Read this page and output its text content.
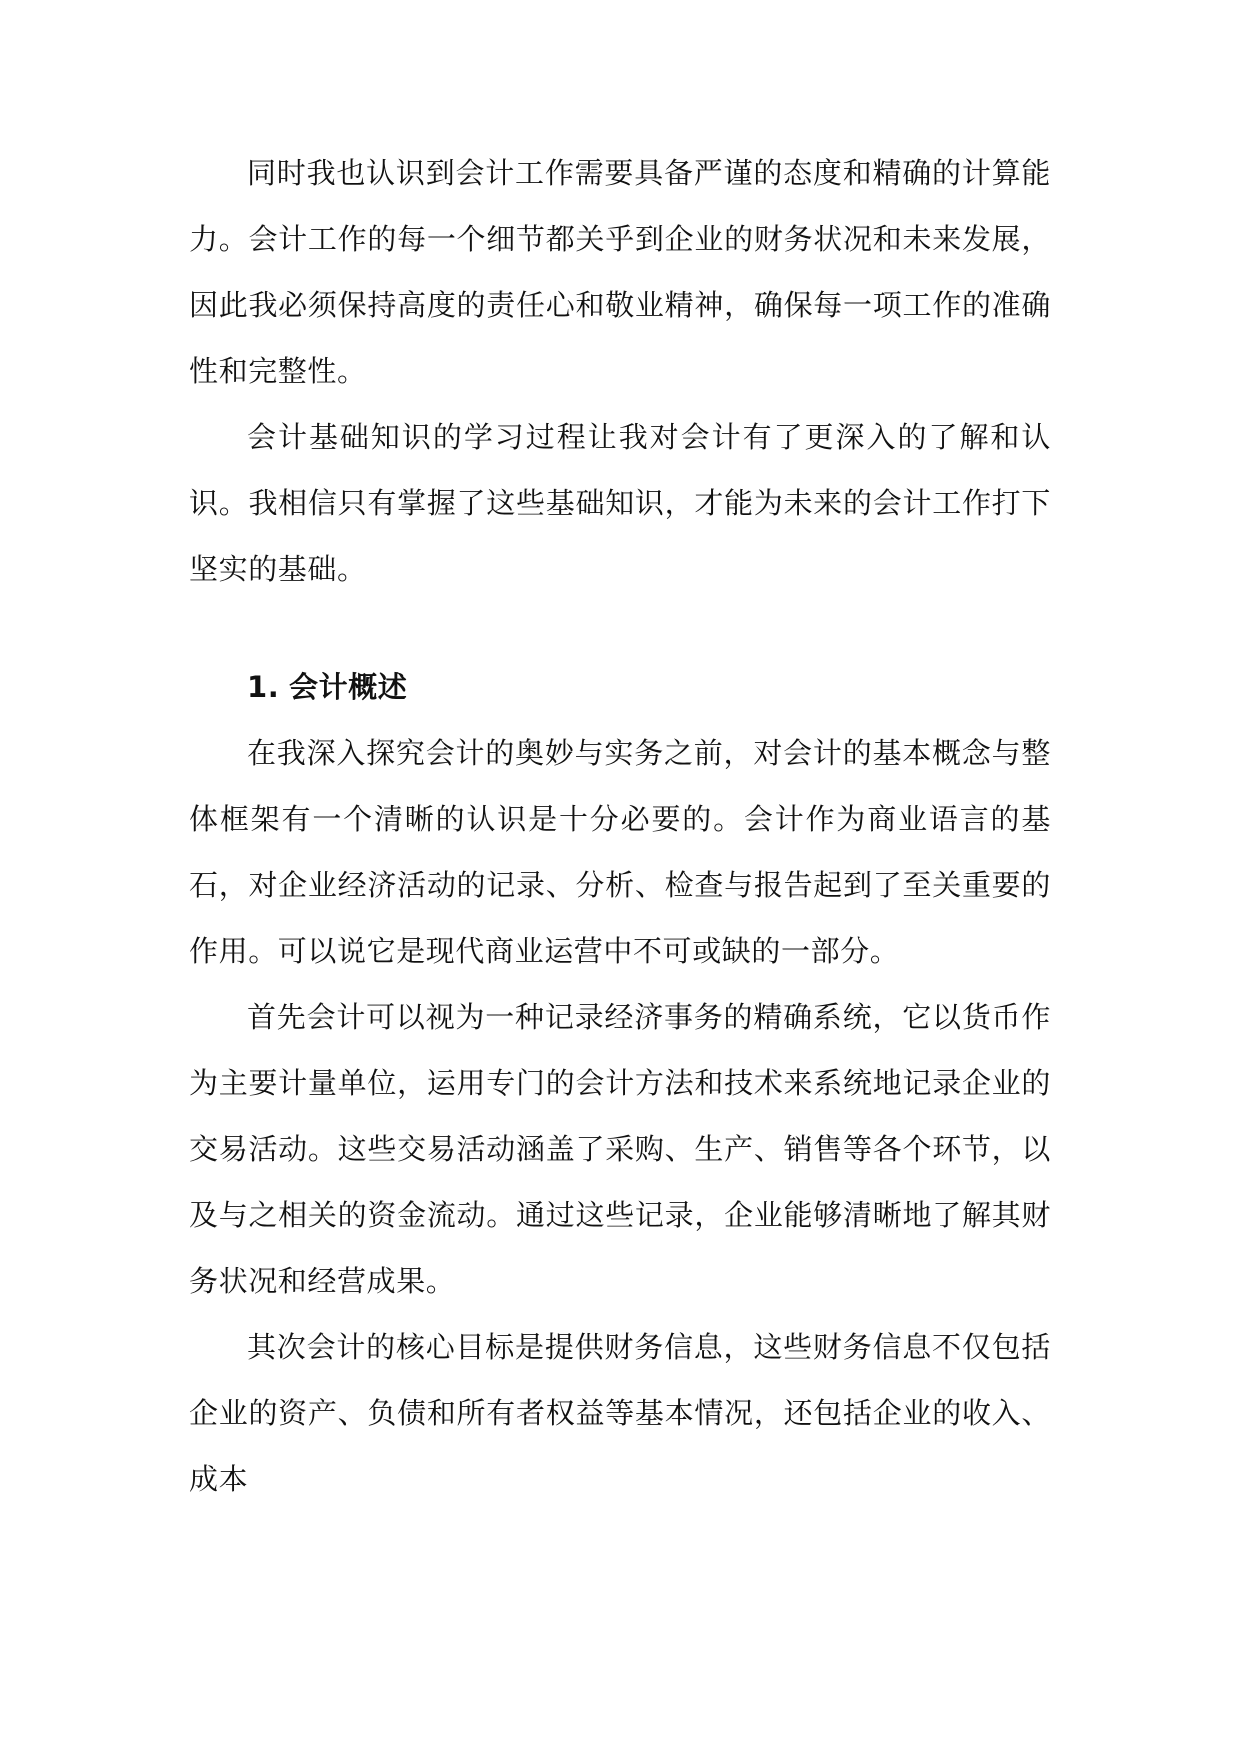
同时我也认识到会计工作需要具备严谨的态度和精确的计算能力。会计工作的每一个细节都关乎到企业的财务状况和未来发展，因此我必须保持高度的责任心和敬业精神，确保每一项工作的准确性和完整性。

会计基础知识的学习过程让我对会计有了更深入的了解和认识。我相信只有掌握了这些基础知识，才能为未来的会计工作打下坚实的基础。

1. 会计概述

在我深入探究会计的奥妙与实务之前，对会计的基本概念与整体框架有一个清晰的认识是十分必要的。会计作为商业语言的基石，对企业经济活动的记录、分析、检查与报告起到了至关重要的作用。可以说它是现代商业运营中不可或缺的一部分。

首先会计可以视为一种记录经济事务的精确系统，它以货币作为主要计量单位，运用专门的会计方法和技术来系统地记录企业的交易活动。这些交易活动涵盖了采购、生产、销售等各个环节，以及与之相关的资金流动。通过这些记录，企业能够清晰地了解其财务状况和经营成果。

其次会计的核心目标是提供财务信息，这些财务信息不仅包括企业的资产、负债和所有者权益等基本情况，还包括企业的收入、成本
